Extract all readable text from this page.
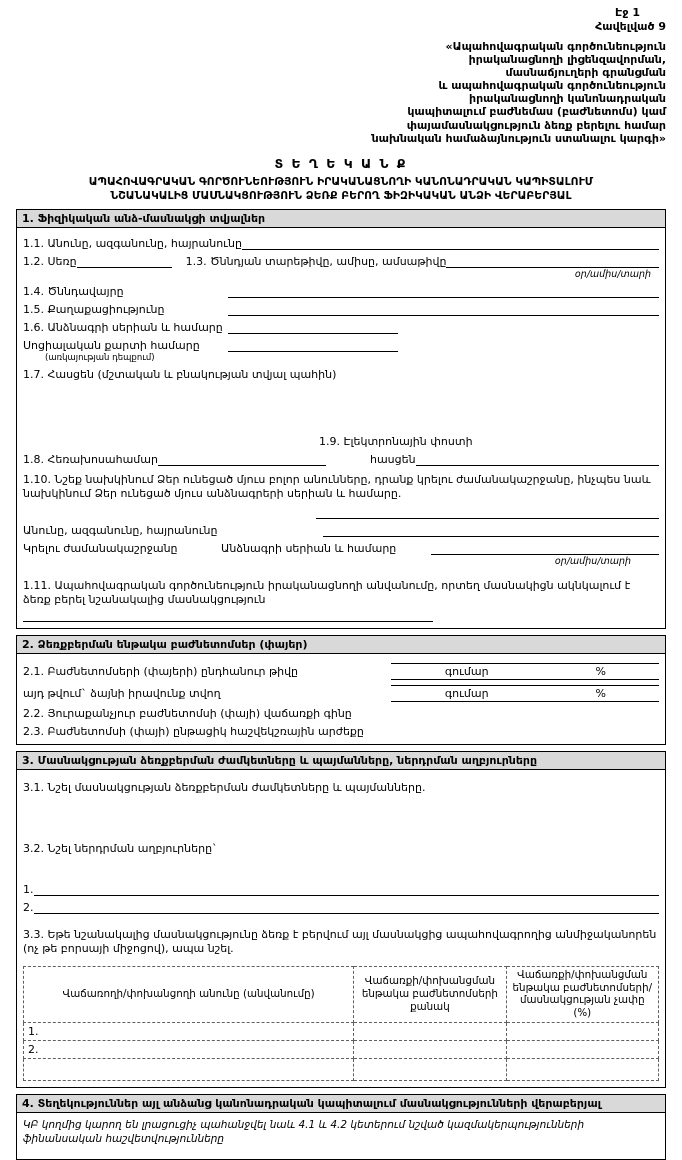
Էջ 1
Հավելված 9
«Ապահովագրական գործունեություն
իրականացնողի լիցենզավորման,
մասնաճյուղերի գրանցման
և ապահովագրական գործունեություն
իրականացնողի կանոնադրական
կապիտալում բաժնեմաս (բաժնետոմս) կամ
փայամասնակցություն ձեռք բերելու համար
նախնական համաձայնություն ստանալու կարգի»
Տ Ե Ղ Ե Կ Ա Ն Ք
ԱՊԱՀՈՎԱԳՐԱԿԱՆ ԳՈՐԾՈՒՆԵՈՒԹՅՈՒՆ ԻՐԱԿԱՆԱՑՆՈՂԻ ԿԱՆՈՆԱԴՐԱԿԱՆ ԿԱՊԻՏԱԼՈՒՄ
ՆՇԱՆԱԿԱԼԻՑ ՄԱՍՆԱԿՑՈՒԹՅՈՒՆ ՁԵՌՔ ԲԵՐՈՂ ՖԻԶԻԿԱԿԱՆ ԱՆՁԻ ՎԵՐԱԲԵՐՅԱԼ
1. Ֆիզիկական անձ-մասնակցի տվյալներ
1.1. Անունը, ազգանունը, հայրանունը
1.2. Սեռը	1.3. Ծննդյան տարեթիվը, ամիսը, ամսաթիվը
օր/ամիս/տարի
1.4. Ծննդավայրը
1.5. Քաղաքացիությունը
1.6. Անձնագրի սերիան և համարը
Սոցիալական քարտի համարը
(առկայության դեպքում)
1.7. Հասցեն (մշտական և բնակության տվյալ պահին)
1.9. Էլեկտրոնային փոստի
1.8. Հեռախոսահամար	հասցեն
1.10. Նշեք նախկինում Ձեր ունեցած մյուս բոլոր անունները, դրանք կրելու ժամանակաշրջանը, ինչպես նաև նախկինում Ձեր ունեցած մյուս անձնագրերի սերիան և համարը.
Անունը, ազգանունը, հայրանունը
Կրելու ժամանակաշրջանը	Անձնագրի սերիան և համարը
օր/ամիս/տարի
1.11. Ապահովագրական գործունեություն իրականացնողի անվանումը, որտեղ մասնակիցն ակնկալում է ձեռք բերել նշանակալից մասնակցություն
2. Ձեռքբերման ենթակա բաժնետոմսեր (փայեր)
2.1. Բաժնետոմսերի (փայերի) ընդհանուր թիվը	գումար	%
այդ թվում` ձայնի իրավունք տվող	գումար	%
2.2. Յուրաքանչյուր բաժնետոմսի (փայի) վաճառքի գինը
2.3. Բաժնետոմսի (փայի) ընթացիկ հաշվեկշռային արժեքը
3. Մասնակցության ձեռքբերման ժամկետները և պայմանները, ներդրման աղբյուրները
3.1. Նշել մասնակցության ձեռքբերման ժամկետները և պայմանները.
3.2. Նշել ներդրման աղբյուրները`
1.
2.
3.3. Եթե նշանակալից մասնակցությունը ձեռք է բերվում այլ մասնակցից ապահովագրողից անմիջականորեն (ոչ թե բորսայի միջոցով), ապա նշել.
Վաճառողի/փոխանցողի անունը (անվանումը)	Վաճառքի/փոխանցման ենթակա բաժնետոմսերի քանակ	Վաճառքի/փոխանցման ենթակա բաժնետոմսերի/ մասնակցության չափը (%)
1.		
2.		

4. Տեղեկություններ այլ անձանց կանոնադրական կապիտալում մասնակցությունների վերաբերյալ
ԿԲ կողմից կարող են լրացուցիչ պահանջվել նաև 4.1 և 4.2 կետերում նշված կազմակերպությունների ֆինանսական հաշվետվությունները
